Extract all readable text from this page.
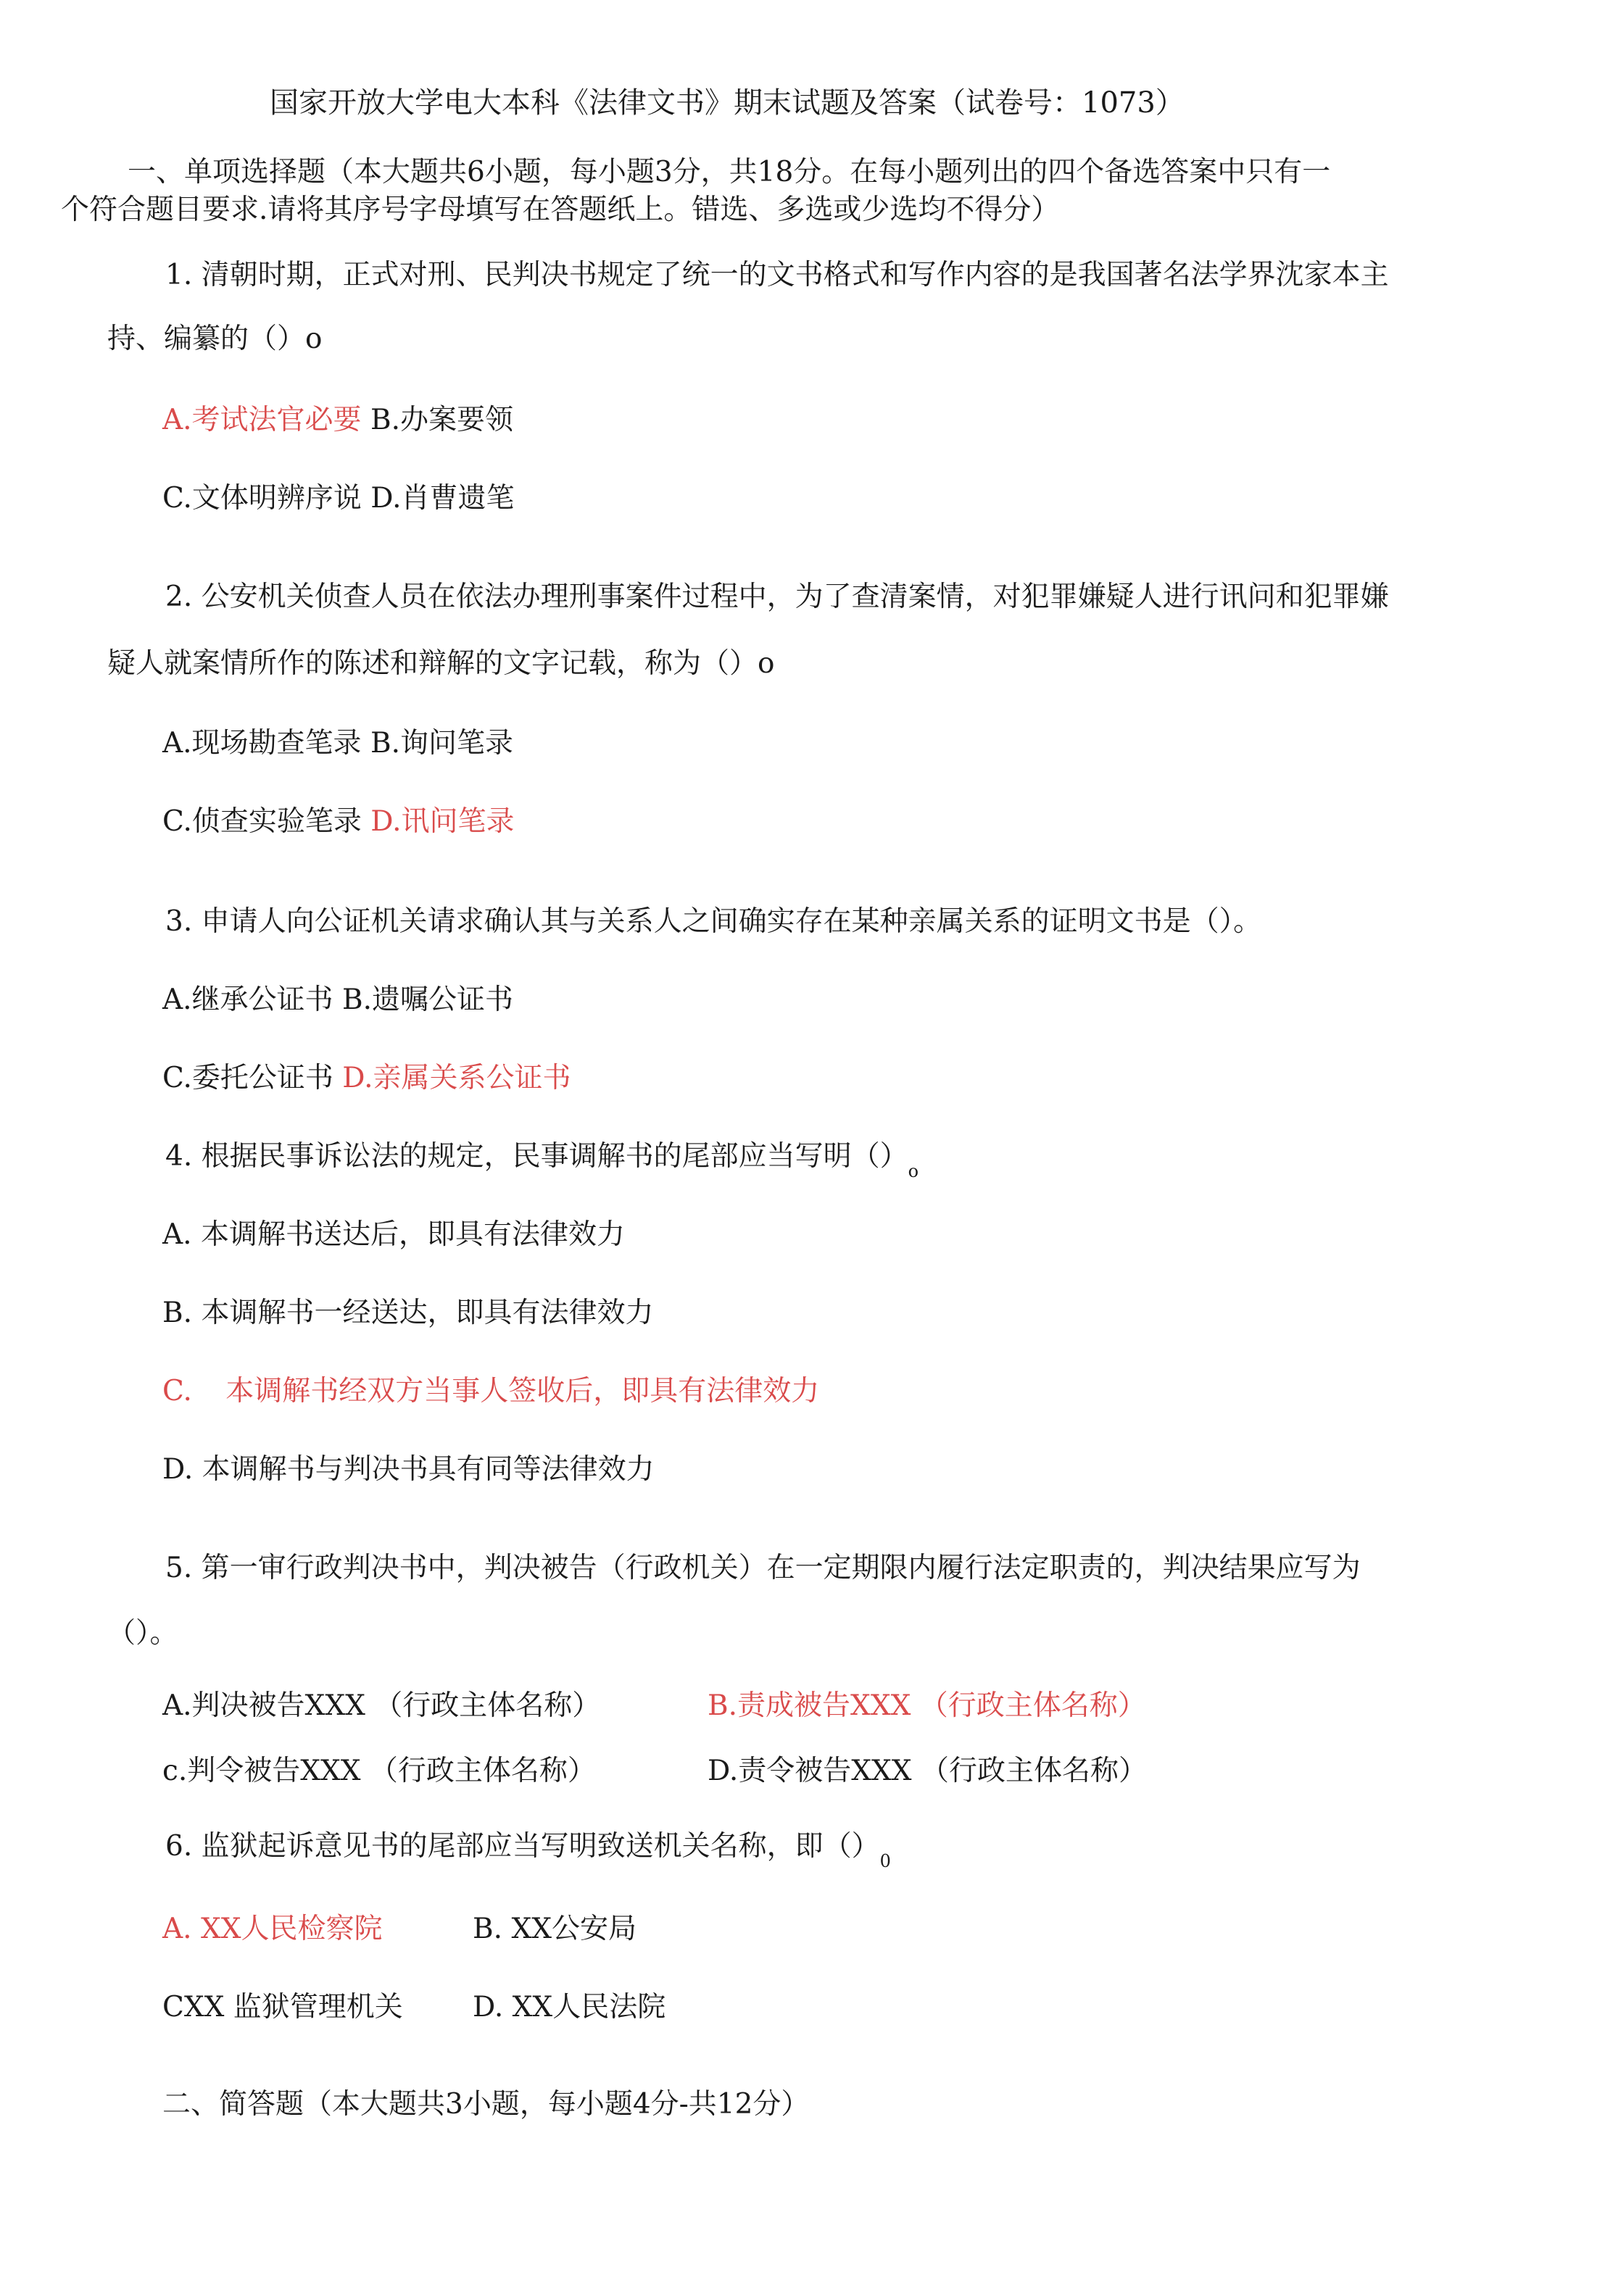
国家开放大学电大本科《法律文书》期末试题及答案（试卷号：1073）
一、单项选择题（本大题共6小题，每小题3分，共18分。在每小题列出的四个备选答案中只有一
个符合题目要求.请将其序号字母填写在答题纸上。错选、多选或少选均不得分）
1. 清朝时期，正式对刑、民判决书规定了统一的文书格式和写作内容的是我国著名法学界沈家本主
持、编纂的（）o
A.考试法官必要 B.办案要领
C.文体明辨序说 D.肖曹遗笔
2. 公安机关侦查人员在依法办理刑事案件过程中，为了查清案情，对犯罪嫌疑人进行讯问和犯罪嫌
疑人就案情所作的陈述和辩解的文字记载，称为（）o
A.现场勘查笔录 B.询问笔录
C.侦查实验笔录 D.讯问笔录
3. 申请人向公证机关请求确认其与关系人之间确实存在某种亲属关系的证明文书是（）。
A.继承公证书 B.遗嘱公证书
C.委托公证书 D.亲属关系公证书
4. 根据民事诉讼法的规定，民事调解书的尾部应当写明$()_o$
A. 本调解书送达后，即具有法律效力
B. 本调解书一经送达，即具有法律效力
C. 本调解书经双方当事人签收后，即具有法律效力
D. 本调解书与判决书具有同等法律效力
5. 第一审行政判决书中，判决被告（行政机关）在一定期限内履行法定职责的，判决结果应写为
（）。
A.判决被告XXX （行政主体名称）	B.责成被告XXX （行政主体名称）
c.判令被告XXX （行政主体名称）	D.责令被告XXX （行政主体名称）
6. 监狱起诉意见书的尾部应当写明致送机关名称，即$()_0$
A. XX人民检察院	B. XX公安局
CXX 监狱管理机关 D. XX人民法院
二、简答题（本大题共3小题，每小题4分-共12分）
